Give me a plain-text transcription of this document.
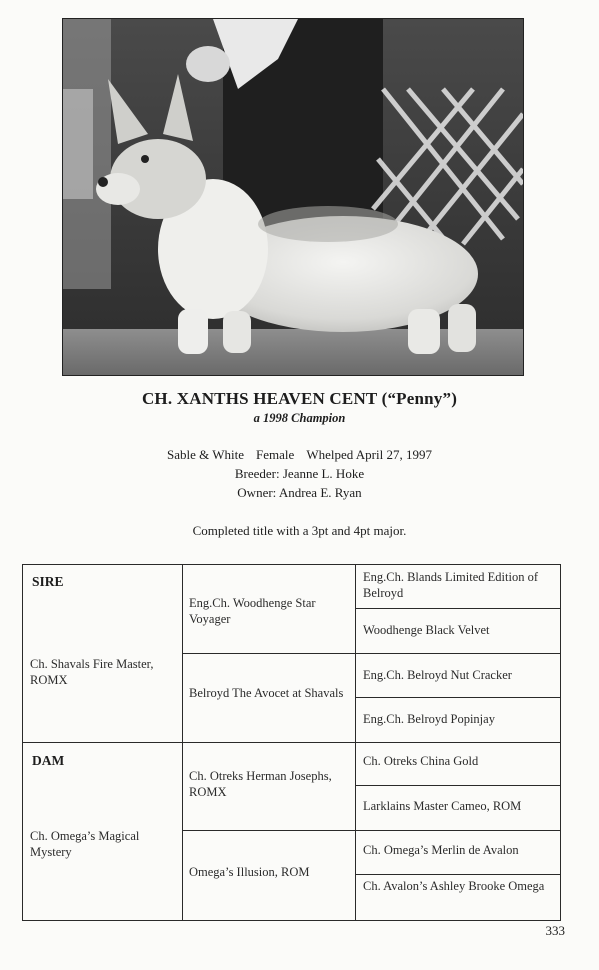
CH. XANTHS HEAVEN CENT (“Penny”)
a 1998 Champion
Sable & White Female Whelped April 27, 1997
Breeder: Jeanne L. Hoke
Owner: Andrea E. Ryan
Completed title with a 3pt and 4pt major.
SIRE
Ch. Shavals Fire Master, ROMX
DAM
Ch. Omega’s Magical Mystery
Eng.Ch. Woodhenge Star Voyager
Belroyd The Avocet at Shavals
Ch. Otreks Herman Josephs, ROMX
Omega’s Illusion, ROM
Eng.Ch. Blands Limited Edition of Belroyd
Woodhenge Black Velvet
Eng.Ch. Belroyd Nut Cracker
Eng.Ch. Belroyd Popinjay
Ch. Otreks China Gold
Larklains Master Cameo, ROM
Ch. Omega’s Merlin de Avalon
Ch. Avalon’s Ashley Brooke Omega
333
